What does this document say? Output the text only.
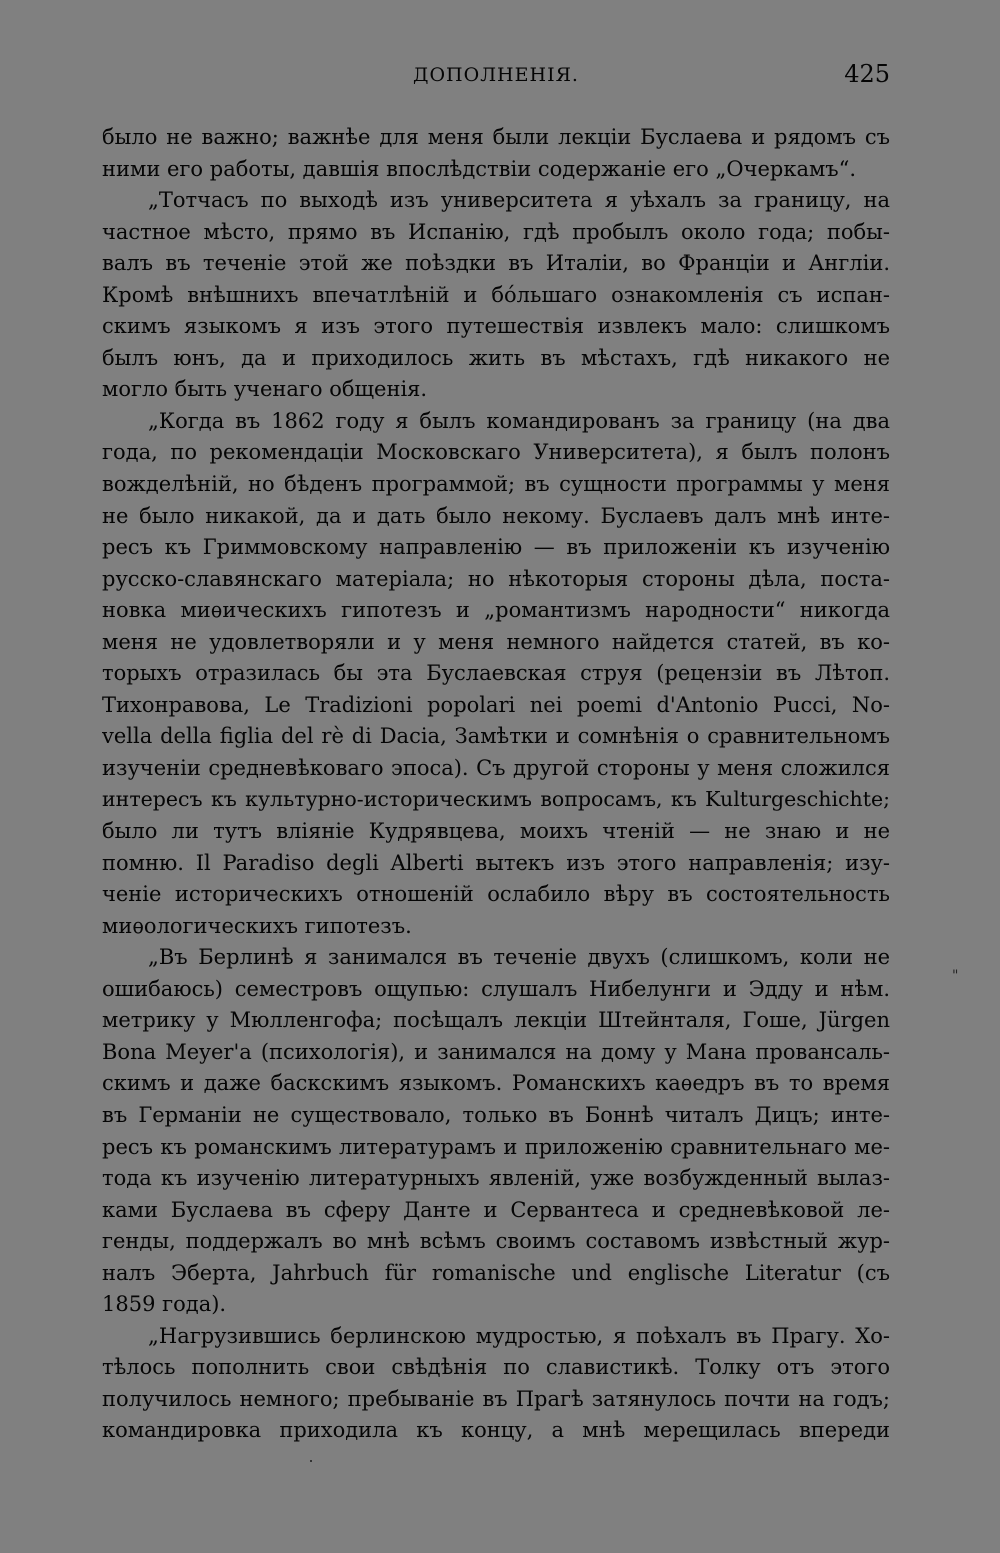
ДОПОЛНЕНІЯ.	425
было не важно; важнѣе для меня были лекціи Буслаева и рядомъ съ
ними его работы, давшія впослѣдствіи содержаніе его „Очеркамъ“.
„Тотчасъ по выходѣ изъ университета я уѣхалъ за границу, на
частное мѣсто, прямо въ Испанію, гдѣ пробылъ около года; побы-
валъ въ теченіе этой же поѣздки въ Италіи, во Франціи и Англіи.
Кромѣ внѣшнихъ впечатлѣній и бóльшаго ознакомленія съ испан-
скимъ языкомъ я изъ этого путешествія извлекъ мало: слишкомъ
былъ юнъ, да и приходилось жить въ мѣстахъ, гдѣ никакого не
могло быть ученаго общенія.
„Когда въ 1862 году я былъ командированъ за границу (на два
года, по рекомендаціи Московскаго Университета), я былъ полонъ
вожделѣній, но бѣденъ программой; въ сущности программы у меня
не было никакой, да и дать было некому. Буслаевъ далъ мнѣ инте-
ресъ къ Гриммовскому направленію — въ приложеніи къ изученію
русско-славянскаго матеріала; но нѣкоторыя стороны дѣла, поста-
новка миѳическихъ гипотезъ и „романтизмъ народности“ никогда
меня не удовлетворяли и у меня немного найдется статей, въ ко-
торыхъ отразилась бы эта Буслаевская струя (рецензіи въ Лѣтоп.
Тихонравова, Le Tradizioni popolari nei poemi d'Antonio Pucci, No-
vella della figlia del rè di Dacia, Замѣтки и сомнѣнія о сравнительномъ
изученіи средневѣковаго эпоса). Съ другой стороны у меня сложился
интересъ къ культурно-историческимъ вопросамъ, къ Kulturgeschichte;
было ли тутъ вліяніе Кудрявцева, моихъ чтеній — не знаю и не
помню. Il Paradiso degli Alberti вытекъ изъ этого направленія; изу-
ченіе историческихъ отношеній ослабило вѣру въ состоятельность
миѳологическихъ гипотезъ.
„Въ Берлинѣ я занимался въ теченіе двухъ (слишкомъ, коли не
ошибаюсь) семестровъ ощупью: слушалъ Нибелунги и Эдду и нѣм.
метрику у Мюлленгофа; посѣщалъ лекціи Штейнталя, Гоше, Jürgen
Bona Meyer'a (психологія), и занимался на дому у Мана провансаль-
скимъ и даже баскскимъ языкомъ. Романскихъ каѳедръ въ то время
въ Германіи не существовало, только въ Боннѣ читалъ Дицъ; инте-
ресъ къ романскимъ литературамъ и приложенію сравнительнаго ме-
тода къ изученію литературныхъ явленій, уже возбужденный вылаз-
ками Буслаева въ сферу Данте и Сервантеса и средневѣковой ле-
генды, поддержалъ во мнѣ всѣмъ своимъ составомъ извѣстный жур-
налъ Эберта, Jahrbuch für romanische und englische Literatur (съ
1859 года).
„Нагрузившись берлинскою мудростью, я поѣхалъ въ Прагу. Хо-
тѣлось пополнить свои свѣдѣнія по славистикѣ. Толку отъ этого
получилось немного; пребываніе въ Прагѣ затянулось почти на годъ;
командировка приходила къ концу, а мнѣ мерещилась впереди
"
